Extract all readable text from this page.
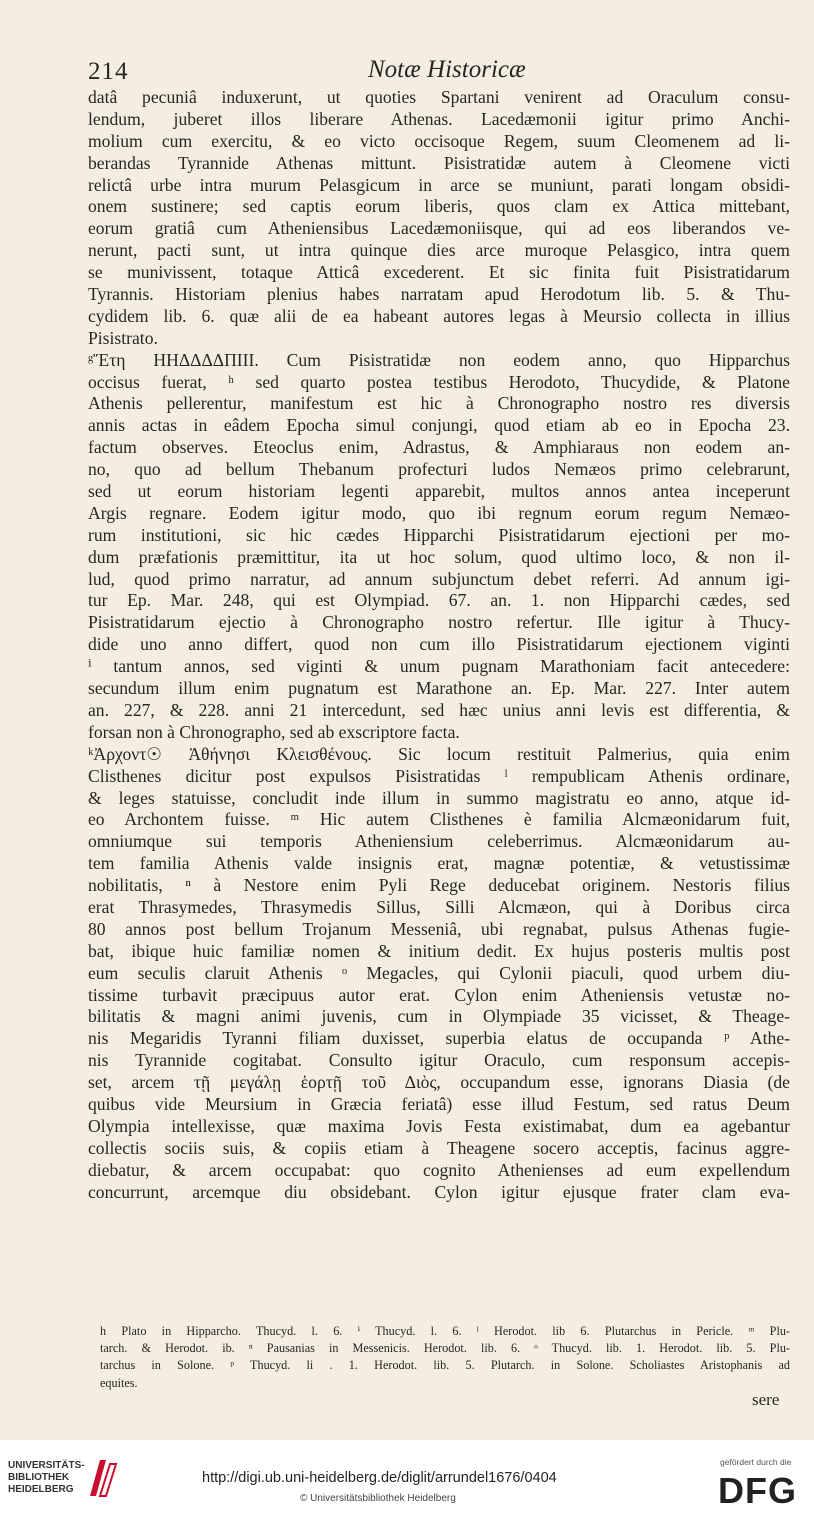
214	Notæ Historicæ
datâ pecuniâ induxerunt, ut quoties Spartani venirent ad Oraculum consu-
lendum, juberet illos liberare Athenas. Lacedæmonii igitur primo Anchi-
molium cum exercitu, & eo victo occisoque Regem, suum Cleomenem ad li-
berandas Tyrannide Athenas mittunt. Pisistratidæ autem à Cleomene victi
relictâ urbe intra murum Pelasgicum in arce se muniunt, parati longam obsidi-
onem sustinere; sed captis eorum liberis, quos clam ex Attica mittebant,
eorum gratiâ cum Atheniensibus Lacedæmoniisque, qui ad eos liberandos ve-
nerunt, pacti sunt, ut intra quinque dies arce muroque Pelasgico, intra quem
se munivissent, totaque Atticâ excederent. Et sic finita fuit Pisistratidarum
Tyrannis. Historiam plenius habes narratam apud Herodotum lib. 5. & Thu-
cydidem lib. 6. quæ alii de ea habeant autores legas à Meursio collecta in illius
Pisistrato.
ᵍἜτη ΗΗΔΔΔΔΠΙΙΙ. Cum Pisistratidæ non eodem anno, quo Hipparchus
occisus fuerat, ʰ sed quarto postea testibus Herodoto, Thucydide, & Platone
Athenis pellerentur, manifestum est hic à Chronographo nostro res diversis
annis actas in eâdem Epocha simul conjungi, quod etiam ab eo in Epocha 23.
factum observes. Eteoclus enim, Adrastus, & Amphiaraus non eodem an-
no, quo ad bellum Thebanum profecturi ludos Nemæos primo celebrarunt,
sed ut eorum historiam legenti apparebit, multos annos antea inceperunt
Argis regnare. Eodem igitur modo, quo ibi regnum eorum regum Nemæo-
rum institutioni, sic hic cædes Hipparchi Pisistratidarum ejectioni per mo-
dum præfationis præmittitur, ita ut hoc solum, quod ultimo loco, & non il-
lud, quod primo narratur, ad annum subjunctum debet referri. Ad annum igi-
tur Ep. Mar. 248, qui est Olympiad. 67. an. 1. non Hipparchi cædes, sed
Pisistratidarum ejectio à Chronographo nostro refertur. Ille igitur à Thucy-
dide uno anno differt, quod non cum illo Pisistratidarum ejectionem viginti
ⁱ tantum annos, sed viginti & unum pugnam Marathoniam facit antecedere:
secundum illum enim pugnatum est Marathone an. Ep. Mar. 227. Inter autem
an. 227, & 228. anni 21 intercedunt, sed hæc unius anni levis est differentia, &
forsan non à Chronographo, sed ab exscriptore facta.
ᵏἈρχοντ☉ Ἀθήνησι Κλεισθένους. Sic locum restituit Palmerius, quia enim
Clisthenes dicitur post expulsos Pisistratidas ˡ rempublicam Athenis ordinare,
& leges statuisse, concludit inde illum in summo magistratu eo anno, atque id-
eo Archontem fuisse. ᵐ Hic autem Clisthenes è familia Alcmæonidarum fuit,
omniumque sui temporis Atheniensium celeberrimus. Alcmæonidarum au-
tem familia Athenis valde insignis erat, magnæ potentiæ, & vetustissimæ
nobilitatis, ⁿ à Nestore enim Pyli Rege deducebat originem. Nestoris filius
erat Thrasymedes, Thrasymedis Sillus, Silli Alcmæon, qui à Doribus circa
80 annos post bellum Trojanum Messeniâ, ubi regnabat, pulsus Athenas fugie-
bat, ibique huic familiæ nomen & initium dedit. Ex hujus posteris multis post
eum seculis claruit Athenis ᵒ Megacles, qui Cylonii piaculi, quod urbem diu-
tissime turbavit præcipuus autor erat. Cylon enim Atheniensis vetustæ no-
bilitatis & magni animi juvenis, cum in Olympiade 35 vicisset, & Theage-
nis Megaridis Tyranni filiam duxisset, superbia elatus de occupanda ᵖ Athe-
nis Tyrannide cogitabat. Consulto igitur Oraculo, cum responsum accepis-
set, arcem τῇ μεγάλῃ ἑορτῇ τοῦ Διὸς, occupandum esse, ignorans Diasia (de
quibus vide Meursium in Græcia feriatâ) esse illud Festum, sed ratus Deum
Olympia intellexisse, quæ maxima Jovis Festa existimabat, dum ea agebantur
collectis sociis suis, & copiis etiam à Theagene socero acceptis, facinus aggre-
diebatur, & arcem occupabat: quo cognito Athenienses ad eum expellendum
concurrunt, arcemque diu obsidebant. Cylon igitur ejusque frater clam eva-
h Plato in Hipparcho. Thucyd. l. 6. ⁱ Thucyd. l. 6. ˡ Herodot. lib 6. Plutarchus in Pericle. ᵐ Plu-
tarch. & Herodot. ib. ⁿ Pausanias in Messenicis. Herodot. lib. 6. ᵒ Thucyd. lib. 1. Herodot. lib. 5. Plu-
tarchus in Solone. ᵖ Thucyd. li . 1. Herodot. lib. 5. Plutarch. in Solone. Scholiastes Aristophanis ad
equites.
sere
UNIVERSITÄTS-
BIBLIOTHEK
HEIDELBERG
http://digi.ub.uni-heidelberg.de/diglit/arrundel1676/0404
© Universitätsbibliothek Heidelberg
gefördert durch die
DFG
